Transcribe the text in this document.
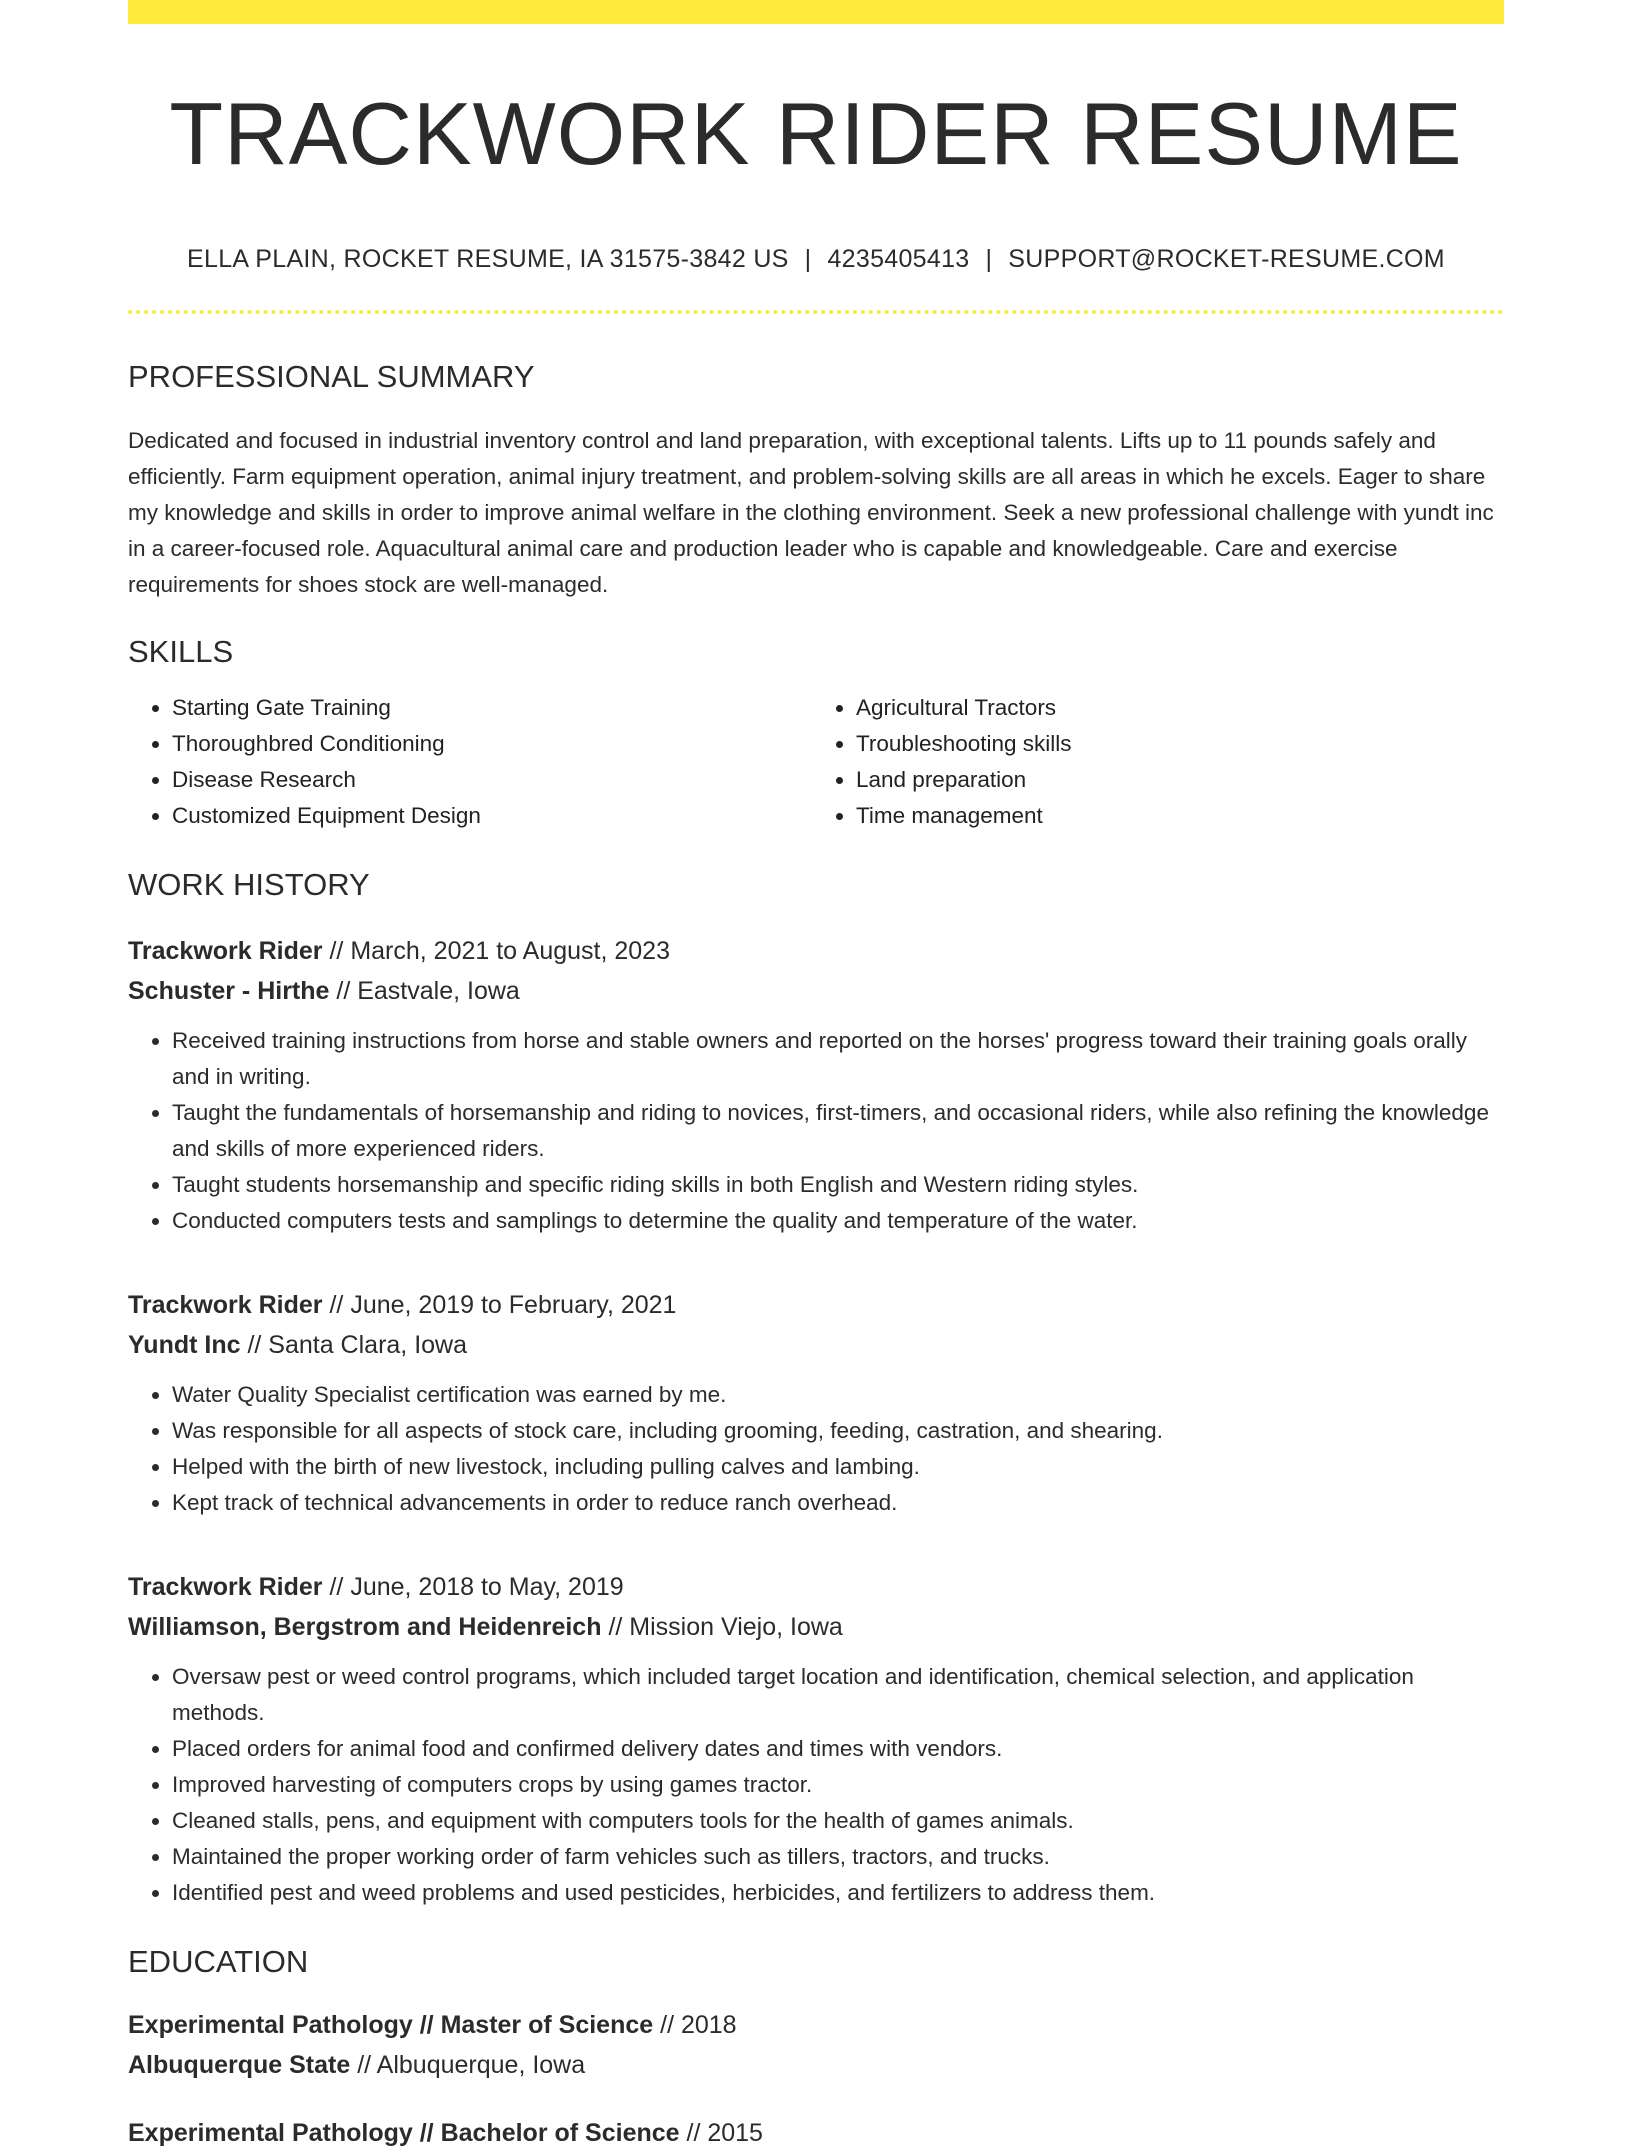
TRACKWORK RIDER RESUME
ELLA PLAIN, ROCKET RESUME, IA 31575-3842 US | 4235405413 | SUPPORT@ROCKET-RESUME.COM
PROFESSIONAL SUMMARY
Dedicated and focused in industrial inventory control and land preparation, with exceptional talents. Lifts up to 11 pounds safely and efficiently. Farm equipment operation, animal injury treatment, and problem-solving skills are all areas in which he excels. Eager to share my knowledge and skills in order to improve animal welfare in the clothing environment. Seek a new professional challenge with yundt inc in a career-focused role. Aquacultural animal care and production leader who is capable and knowledgeable. Care and exercise requirements for shoes stock are well-managed.
SKILLS
• Starting Gate Training
• Thoroughbred Conditioning
• Disease Research
• Customized Equipment Design
• Agricultural Tractors
• Troubleshooting skills
• Land preparation
• Time management
WORK HISTORY
Trackwork Rider // March, 2021 to August, 2023
Schuster - Hirthe // Eastvale, Iowa
• Received training instructions from horse and stable owners and reported on the horses' progress toward their training goals orally and in writing.
• Taught the fundamentals of horsemanship and riding to novices, first-timers, and occasional riders, while also refining the knowledge and skills of more experienced riders.
• Taught students horsemanship and specific riding skills in both English and Western riding styles.
• Conducted computers tests and samplings to determine the quality and temperature of the water.
Trackwork Rider // June, 2019 to February, 2021
Yundt Inc // Santa Clara, Iowa
• Water Quality Specialist certification was earned by me.
• Was responsible for all aspects of stock care, including grooming, feeding, castration, and shearing.
• Helped with the birth of new livestock, including pulling calves and lambing.
• Kept track of technical advancements in order to reduce ranch overhead.
Trackwork Rider // June, 2018 to May, 2019
Williamson, Bergstrom and Heidenreich // Mission Viejo, Iowa
• Oversaw pest or weed control programs, which included target location and identification, chemical selection, and application methods.
• Placed orders for animal food and confirmed delivery dates and times with vendors.
• Improved harvesting of computers crops by using games tractor.
• Cleaned stalls, pens, and equipment with computers tools for the health of games animals.
• Maintained the proper working order of farm vehicles such as tillers, tractors, and trucks.
• Identified pest and weed problems and used pesticides, herbicides, and fertilizers to address them.
EDUCATION
Experimental Pathology // Master of Science // 2018
Albuquerque State // Albuquerque, Iowa
Experimental Pathology // Bachelor of Science // 2015
